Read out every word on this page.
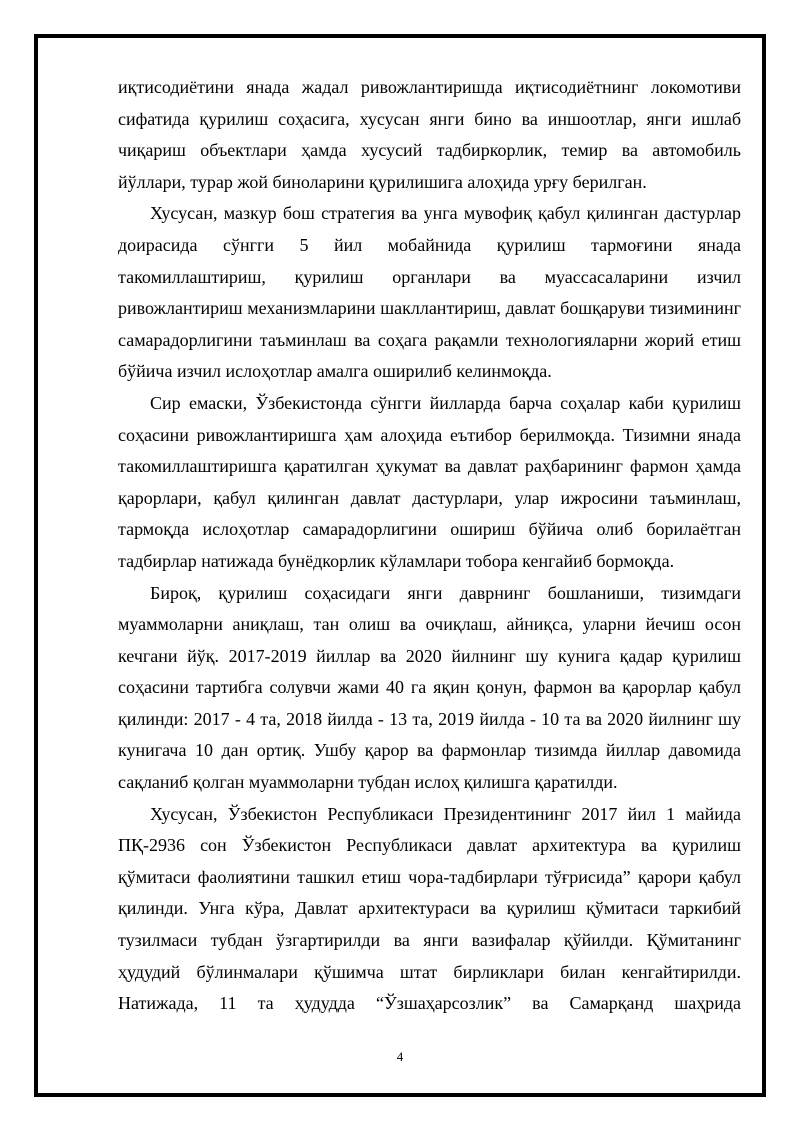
иқтисодиётини янада жадал ривожлантиришда иқтисодиётнинг локомотиви сифатида қурилиш соҳасига, хусусан янги бино ва иншоотлар, янги ишлаб чиқариш объектлари ҳамда хусусий тадбиркорлик, темир ва автомобиль йўллари, турар жой биноларини қурилишига алоҳида урғу берилган.

Хусусан, мазкур бош стратегия ва унга мувофиқ қабул қилинган дастурлар доирасида сўнгги 5 йил мобайнида қурилиш тармоғини янада такомиллаштириш, қурилиш органлари ва муассасаларини изчил ривожлантириш механизмларини шакллантириш, давлат бошқаруви тизимининг самарадорлигини таъминлаш ва соҳага рақамли технологияларни жорий етиш бўйича изчил ислоҳотлар амалга оширилиб келинмоқда.

Сир емаски, Ўзбекистонда сўнгги йилларда барча соҳалар каби қурилиш соҳасини ривожлантиришга ҳам алоҳида еътибор берилмоқда. Тизимни янада такомиллаштиришга қаратилган ҳукумат ва давлат раҳбарининг фармон ҳамда қарорлари, қабул қилинган давлат дастурлари, улар ижросини таъминлаш, тармоқда ислоҳотлар самарадорлигини ошириш бўйича олиб борилаётган тадбирлар натижада бунёдкорлик кўламлари тобора кенгайиб бормоқда.

Бироқ, қурилиш соҳасидаги янги даврнинг бошланиши, тизимдаги муаммоларни аниқлаш, тан олиш ва очиқлаш, айниқса, уларни йечиш осон кечгани йўқ. 2017-2019 йиллар ва 2020 йилнинг шу кунига қадар қурилиш соҳасини тартибга солувчи жами 40 га яқин қонун, фармон ва қарорлар қабул қилинди: 2017 - 4 та, 2018 йилда - 13 та, 2019 йилда - 10 та ва 2020 йилнинг шу кунигача 10 дан ортиқ. Ушбу қарор ва фармонлар тизимда йиллар давомида сақланиб қолган муаммоларни тубдан ислоҳ қилишга қаратилди.

Хусусан, Ўзбекистон Республикаси Президентининг 2017 йил 1 майида ПҚ-2936 сон Ўзбекистон Республикаси давлат архитектура ва қурилиш қўмитаси фаолиятини ташкил етиш чора-тадбирлари тўғрисида” қарори қабул қилинди. Унга кўра, Давлат архитектураси ва қурилиш қўмитаси таркибий тузилмаси тубдан ўзгартирилди ва янги вазифалар қўйилди. Қўмитанинг ҳудудий бўлинмалари қўшимча штат бирликлари билан кенгайтирилди. Натижада, 11 та ҳудудда “Ўзшаҳарсозлик” ва Самарқанд шаҳрида

4
